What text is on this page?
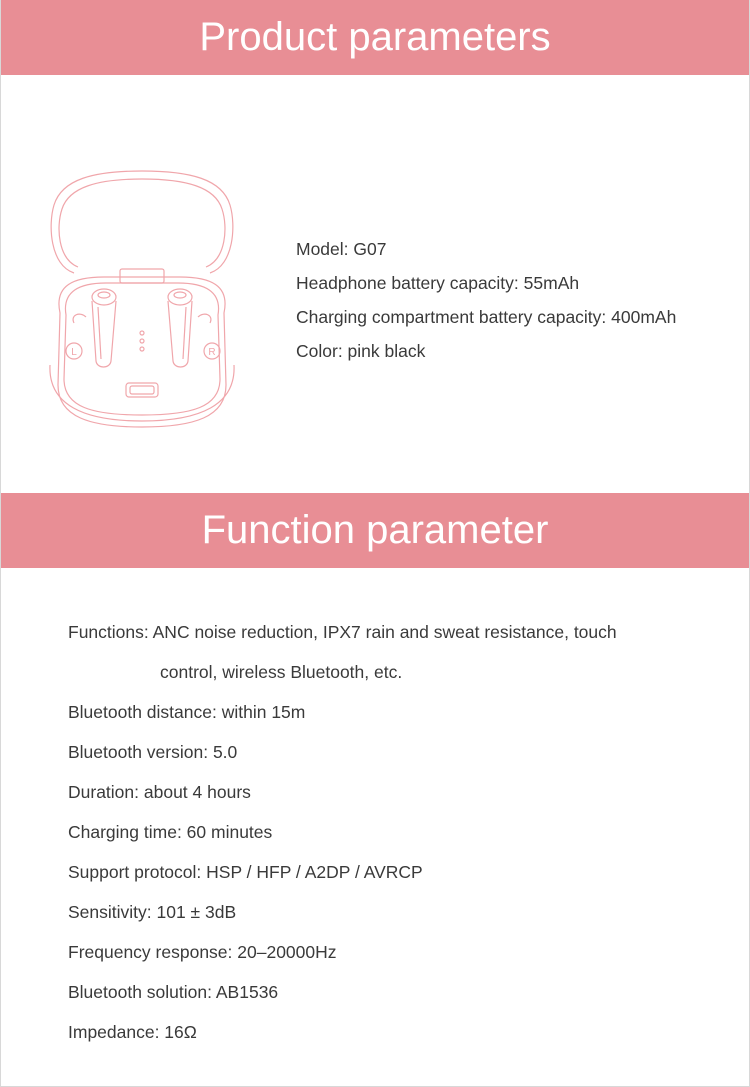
Product parameters
L	R
Model: G07
Headphone battery capacity: 55mAh
Charging compartment battery capacity: 400mAh
Color: pink black
Function parameter
Functions: ANC noise reduction, IPX7 rain and sweat resistance, touch
control, wireless Bluetooth, etc.
Bluetooth distance: within 15m
Bluetooth version: 5.0
Duration: about 4 hours
Charging time: 60 minutes
Support protocol: HSP / HFP / A2DP / AVRCP
Sensitivity: 101 ± 3dB
Frequency response: 20–20000Hz
Bluetooth solution: AB1536
Impedance: 16Ω
